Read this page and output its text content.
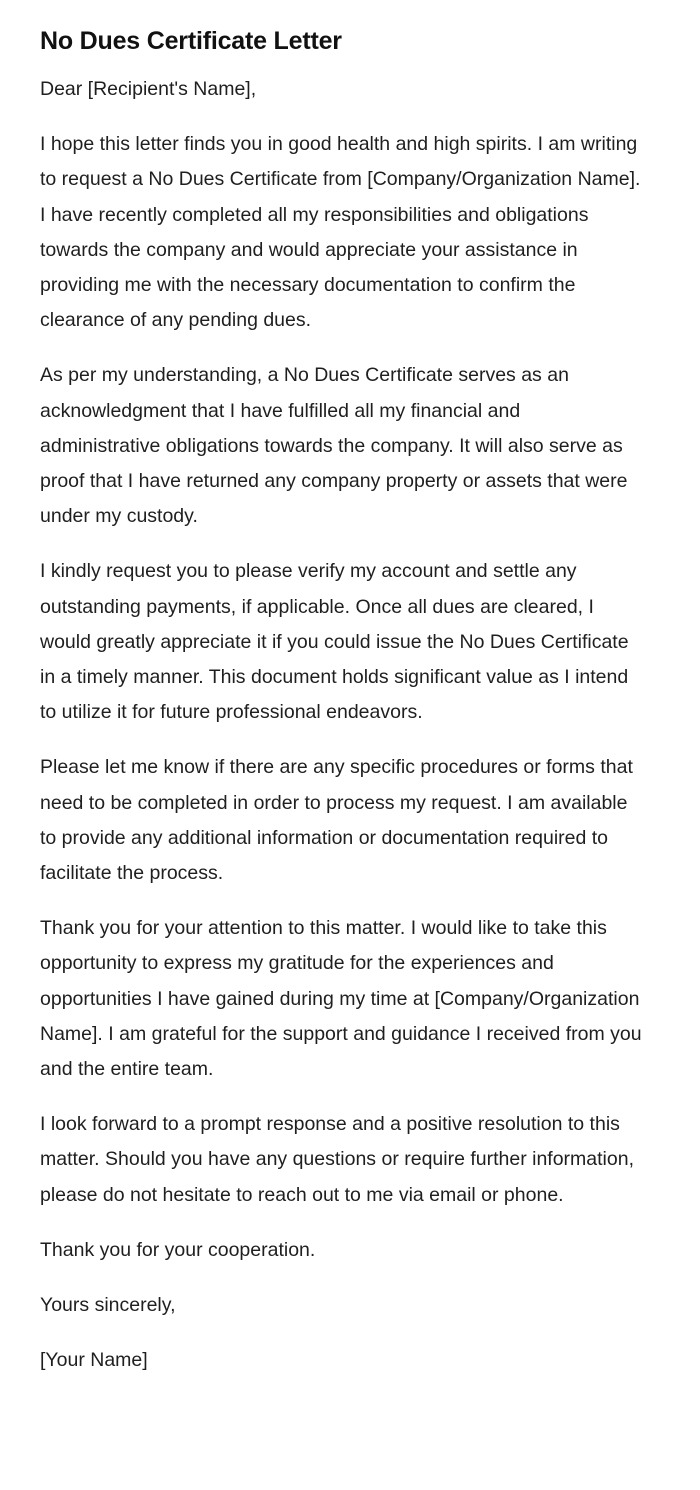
No Dues Certificate Letter

Dear [Recipient's Name],

I hope this letter finds you in good health and high spirits. I am writing to request a No Dues Certificate from [Company/Organization Name]. I have recently completed all my responsibilities and obligations towards the company and would appreciate your assistance in providing me with the necessary documentation to confirm the clearance of any pending dues.

As per my understanding, a No Dues Certificate serves as an acknowledgment that I have fulfilled all my financial and administrative obligations towards the company. It will also serve as proof that I have returned any company property or assets that were under my custody.

I kindly request you to please verify my account and settle any outstanding payments, if applicable. Once all dues are cleared, I would greatly appreciate it if you could issue the No Dues Certificate in a timely manner. This document holds significant value as I intend to utilize it for future professional endeavors.

Please let me know if there are any specific procedures or forms that need to be completed in order to process my request. I am available to provide any additional information or documentation required to facilitate the process.

Thank you for your attention to this matter. I would like to take this opportunity to express my gratitude for the experiences and opportunities I have gained during my time at [Company/Organization Name]. I am grateful for the support and guidance I received from you and the entire team.

I look forward to a prompt response and a positive resolution to this matter. Should you have any questions or require further information, please do not hesitate to reach out to me via email or phone.

Thank you for your cooperation.

Yours sincerely,

[Your Name]
